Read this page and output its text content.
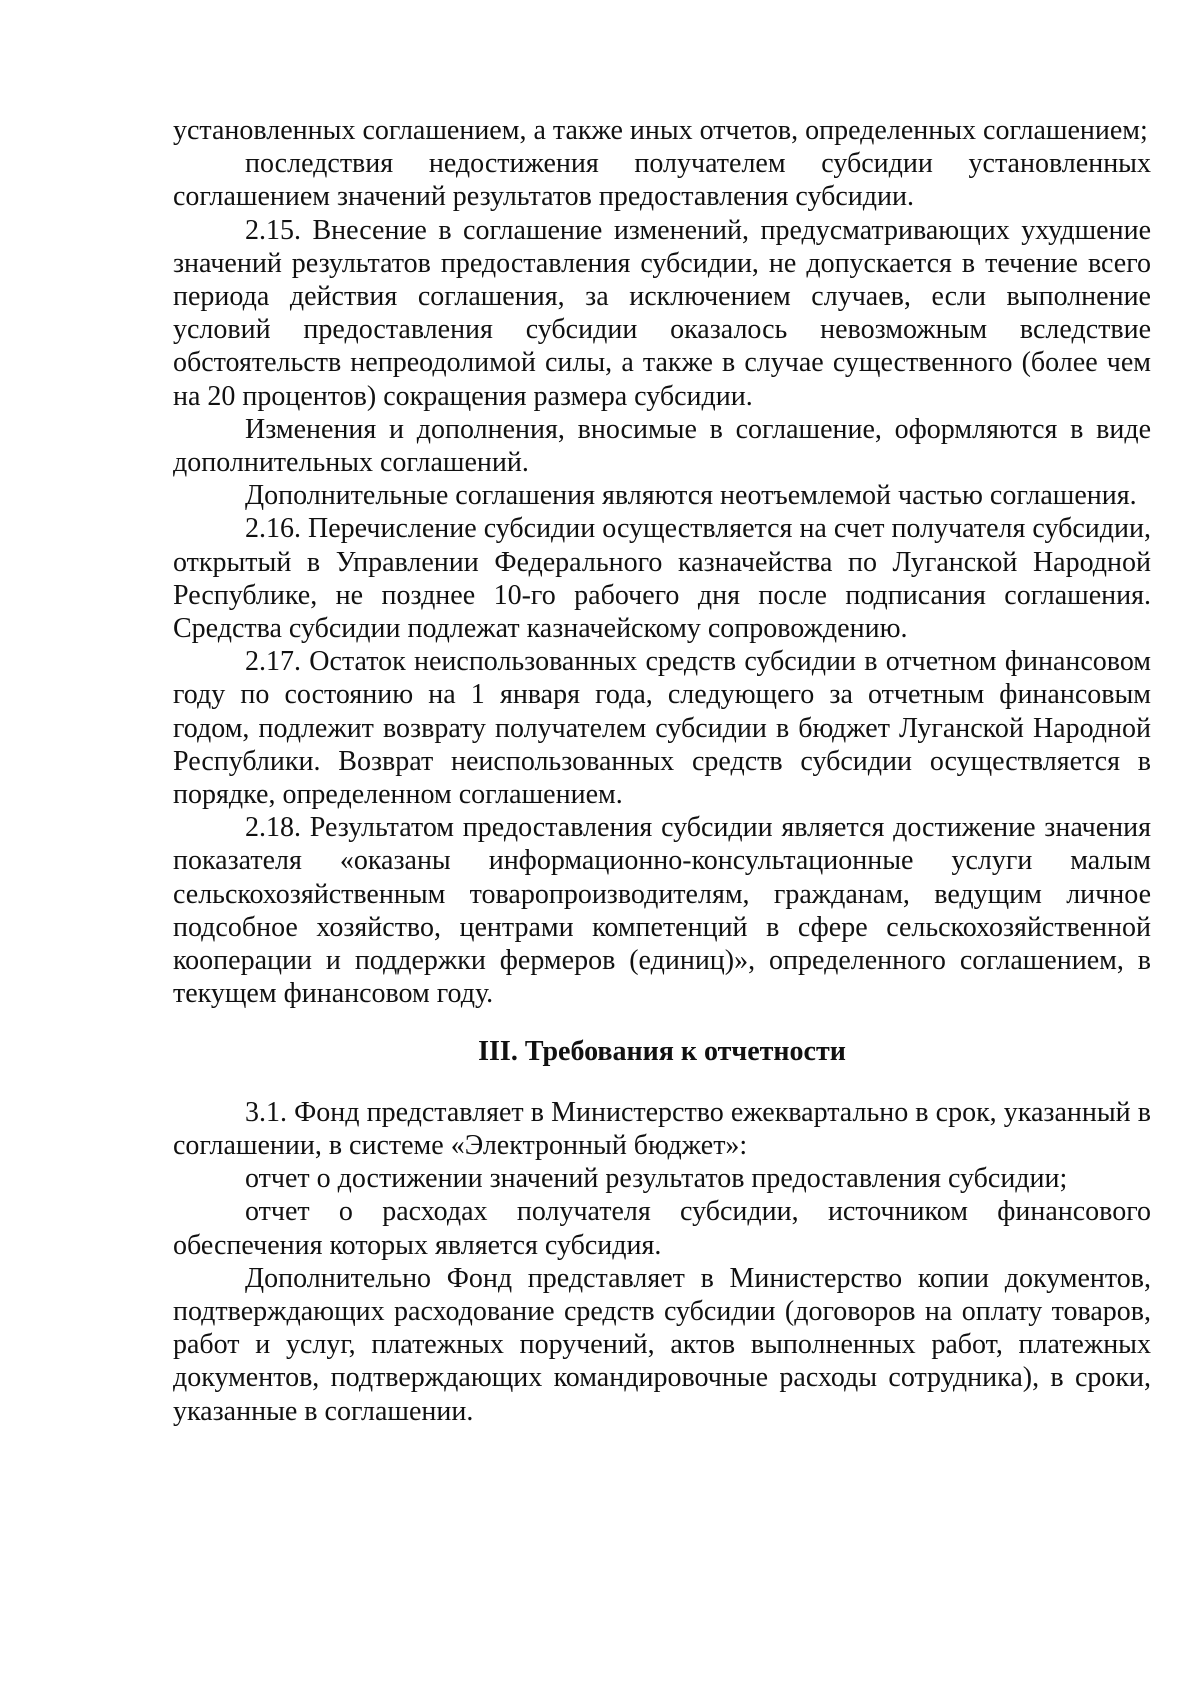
установленных соглашением, а также иных отчетов, определенных соглашением;

последствия недостижения получателем субсидии установленных соглашением значений результатов предоставления субсидии.

2.15. Внесение в соглашение изменений, предусматривающих ухудшение значений результатов предоставления субсидии, не допускается в течение всего периода действия соглашения, за исключением случаев, если выполнение условий предоставления субсидии оказалось невозможным вследствие обстоятельств непреодолимой силы, а также в случае существенного (более чем на 20 процентов) сокращения размера субсидии.

Изменения и дополнения, вносимые в соглашение, оформляются в виде дополнительных соглашений.

Дополнительные соглашения являются неотъемлемой частью соглашения.

2.16. Перечисление субсидии осуществляется на счет получателя субсидии, открытый в Управлении Федерального казначейства по Луганской Народной Республике, не позднее 10-го рабочего дня после подписания соглашения. Средства субсидии подлежат казначейскому сопровождению.

2.17. Остаток неиспользованных средств субсидии в отчетном финансовом году по состоянию на 1 января года, следующего за отчетным финансовым годом, подлежит возврату получателем субсидии в бюджет Луганской Народной Республики. Возврат неиспользованных средств субсидии осуществляется в порядке, определенном соглашением.

2.18. Результатом предоставления субсидии является достижение значения показателя «оказаны информационно-консультационные услуги малым сельскохозяйственным товаропроизводителям, гражданам, ведущим личное подсобное хозяйство, центрами компетенций в сфере сельскохозяйственной кооперации и поддержки фермеров (единиц)», определенного соглашением, в текущем финансовом году.

III. Требования к отчетности

3.1. Фонд представляет в Министерство ежеквартально в срок, указанный в соглашении, в системе «Электронный бюджет»:

отчет о достижении значений результатов предоставления субсидии;

отчет о расходах получателя субсидии, источником финансового обеспечения которых является субсидия.

Дополнительно Фонд представляет в Министерство копии документов, подтверждающих расходование средств субсидии (договоров на оплату товаров, работ и услуг, платежных поручений, актов выполненных работ, платежных документов, подтверждающих командировочные расходы сотрудника), в сроки, указанные в соглашении.
